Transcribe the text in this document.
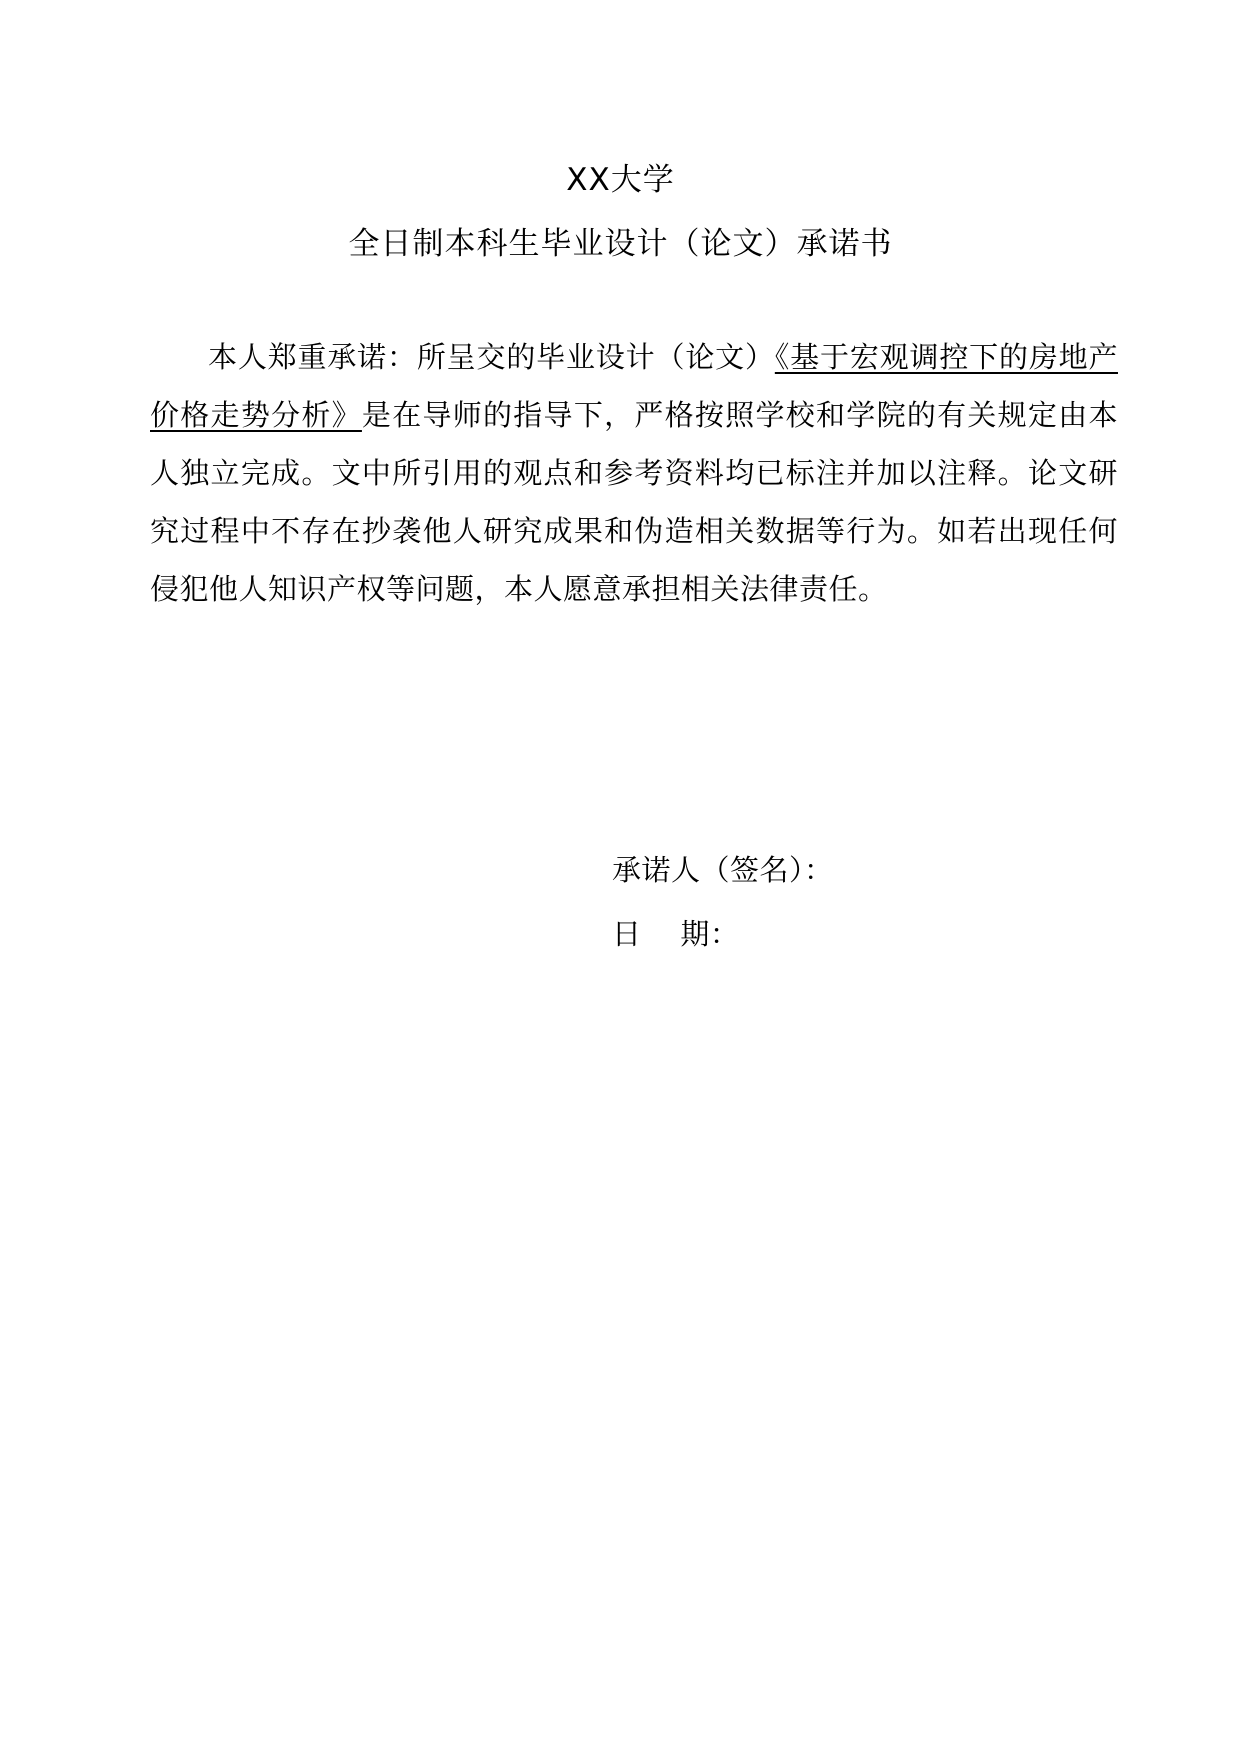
XX大学
全日制本科生毕业设计（论文）承诺书

本人郑重承诺：所呈交的毕业设计（论文）《基于宏观调控下的房地产价格走势分析》是在导师的指导下，严格按照学校和学院的有关规定由本人独立完成。文中所引用的观点和参考资料均已标注并加以注释。论文研究过程中不存在抄袭他人研究成果和伪造相关数据等行为。如若出现任何侵犯他人知识产权等问题，本人愿意承担相关法律责任。

承诺人（签名）：
日    期：
